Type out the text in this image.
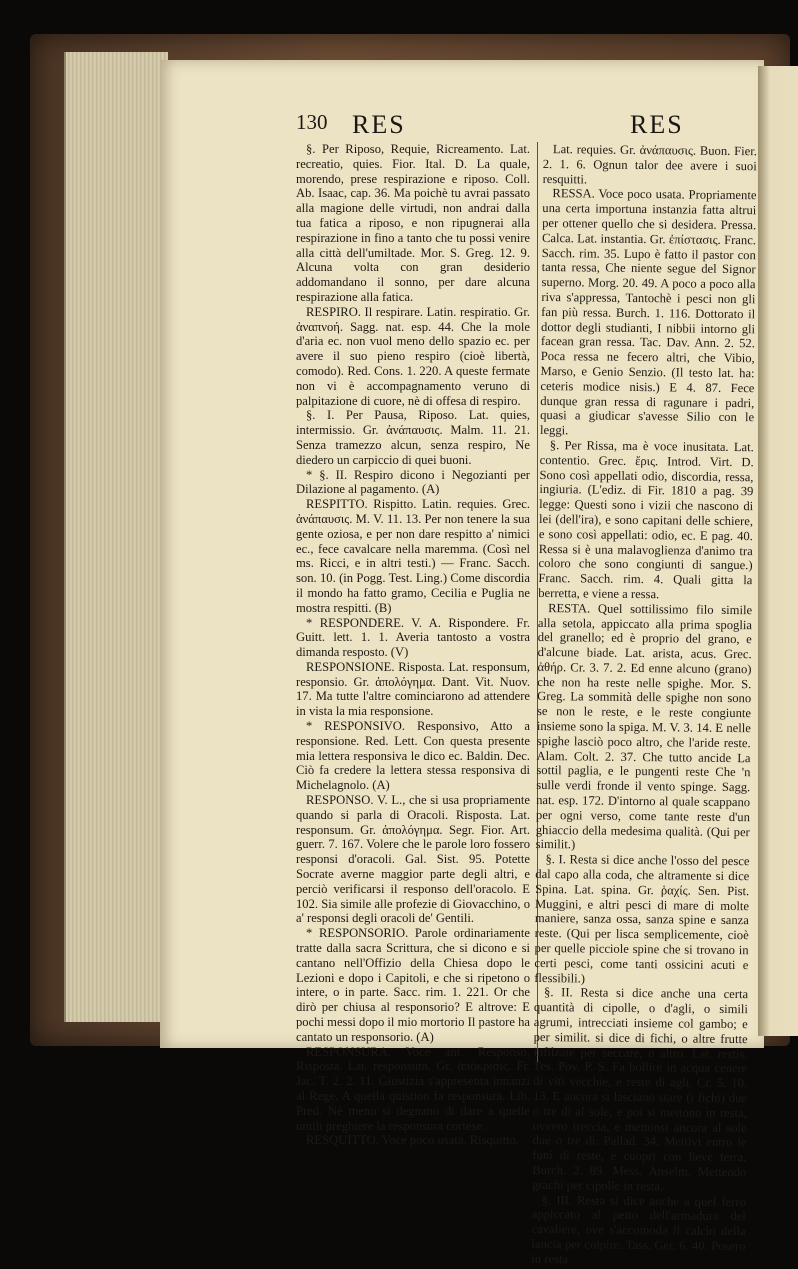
130 RES	RES

§. Per Riposo, Requie, Ricreamento. Lat. recreatio, quies. Fior. Ital. D. La quale, morendo, prese respirazione e riposo. Coll. Ab. Isaac, cap. 36. Ma poichè tu avrai passato alla magione delle virtudi, non andrai dalla tua fatica a riposo, e non ripugnerai alla respirazione in fino a tanto che tu possi venire alla città dell'umiltade. Mor. S. Greg. 12. 9. Alcuna volta con gran desiderio addomandano il sonno, per dare alcuna respirazione alla fatica.

RESPIRO. Il respirare. Latin. respiratio. Gr. ἀναπνοή. Sagg. nat. esp. 44. Che la mole d'aria ec. non vuol meno dello spazio ec. per avere il suo pieno respiro (cioè libertà, comodo). Red. Cons. 1. 220. A queste fermate non vi è accompagnamento veruno di palpitazione di cuore, nè di offesa di respiro.

§. I. Per Pausa, Riposo. Lat. quies, intermissio. Gr. ἀνάπαυσις. Malm. 11. 21. Senza tramezzo alcun, senza respiro, Ne diedero un carpiccio di quei buoni.

* §. II. Respiro dicono i Negozianti per Dilazione al pagamento. (A)

RESPITTO. Rispitto. Latin. requies. Grec. ἀνάπαυσις. M. V. 11. 13. Per non tenere la sua gente oziosa, e per non dare respitto a' nimici ec., fece cavalcare nella maremma. (Così nel ms. Ricci, e in altri testi.) — Franc. Sacch. son. 10. (in Pogg. Test. Ling.) Come discordia il mondo ha fatto gramo, Cecilia e Puglia ne mostra respitti. (B)

* RESPONDERE. V. A. Rispondere. Fr. Guitt. lett. 1. 1. Averia tantosto a vostra dimanda resposto. (V)

RESPONSIONE. Risposta. Lat. responsum, responsio. Gr. ἀπολόγημα. Dant. Vit. Nuov. 17. Ma tutte l'altre cominciarono ad attendere in vista la mia responsione.

* RESPONSIVO. Responsivo, Atto a responsione. Red. Lett. Con questa presente mia lettera responsiva le dico ec. Baldin. Dec. Ciò fa credere la lettera stessa responsiva di Michelagnolo. (A)

RESPONSO. V. L., che si usa propriamente quando si parla di Oracoli. Risposta. Lat. responsum. Gr. ἀπολόγημα. Segr. Fior. Art. guerr. 7. 167. Volere che le parole loro fossero responsi d'oracoli. Gal. Sist. 95. Potette Socrate averne maggior parte degli altri, e perciò verificarsi il responso dell'oracolo. E 102. Sia simile alle profezie di Giovacchino, o a' responsi degli oracoli de' Gentili.

* RESPONSORIO. Parole ordinariamente tratte dalla sacra Scrittura, che si dicono e si cantano nell'Offizio della Chiesa dopo le Lezioni e dopo i Capitoli, e che si ripetono o intere, o in parte. Sacc. rim. 1. 221. Or che dirò per chiusa al responsorio? E altrove: E pochi messi dopo il mio mortorio Il pastore ha cantato un responsorio. (A)

RESPONSURA. Voce ant. Responso, Risposta. Lat. responsum. Gr. ἀπόκρισις. Fr. Jac. T. 2. 2. 11. Giustizia s'appresenta innanzi al Rege, A quella quistion fa responsura. Lib. Pred. Nè meno si degnano di dare a quelle umili preghiere la responsura cortese.

RESQUITTO. Voce poco usata. Risquitto.

Lat. requies. Gr. ἀνάπαυσις. Buon. Fier. 2. 1. 6. Ognun talor dee avere i suoi resquitti.

RESSA. Voce poco usata. Propriamente una certa importuna instanzia fatta altrui per ottener quello che si desidera. Pressa. Calca. Lat. instantia. Gr. ἐπίστασις. Franc. Sacch. rim. 35. Lupo è fatto il pastor con tanta ressa, Che niente segue del Signor superno. Morg. 20. 49. A poco a poco alla riva s'appressa, Tantochè i pesci non gli fan più ressa. Burch. 1. 116. Dottorato il dottor degli studianti, I nibbii intorno gli facean gran ressa. Tac. Dav. Ann. 2. 52. Poca ressa ne fecero altri, che Vibio, Marso, e Genio Senzio. (Il testo lat. ha: ceteris modice nisis.) E 4. 87. Fece dunque gran ressa di ragunare i padri, quasi a giudicar s'avesse Silio con le leggi.

§. Per Rissa, ma è voce inusitata. Lat. contentio. Grec. ἔρις. Introd. Virt. D. Sono così appellati odio, discordia, ressa, ingiuria. (L'ediz. di Fir. 1810 a pag. 39 legge: Questi sono i vizii che nascono di lei (dell'ira), e sono capitani delle schiere, e sono così appellati: odio, ec. E pag. 40. Ressa si è una malavoglienza d'animo tra coloro che sono congiunti di sangue.) Franc. Sacch. rim. 4. Quali gitta la berretta, e viene a ressa.

RESTA. Quel sottilissimo filo simile alla setola, appiccato alla prima spoglia del granello; ed è proprio del grano, e d'alcune biade. Lat. arista, acus. Grec. ἀθήρ. Cr. 3. 7. 2. Ed enne alcuno (grano) che non ha reste nelle spighe. Mor. S. Greg. La sommità delle spighe non sono se non le reste, e le reste congiunte insieme sono la spiga. M. V. 3. 14. E nelle spighe lasciò poco altro, che l'aride reste. Alam. Colt. 2. 37. Che tutto ancide La sottil paglia, e le pungenti reste Che 'n sulle verdi fronde il vento spinge. Sagg. nat. esp. 172. D'intorno al quale scappano per ogni verso, come tante reste d'un ghiaccio della medesima qualità. (Qui per similit.)

§. I. Resta si dice anche l'osso del pesce dal capo alla coda, che altramente si dice Spina. Lat. spina. Gr. ῥαχίς. Sen. Pist. Muggini, e altri pesci di mare di molte maniere, sanza ossa, sanza spine e sanza reste. (Qui per lisca semplicemente, cioè per quelle picciole spine che si trovano in certi pesci, come tanti ossicini acuti e flessibili.)

§. II. Resta si dice anche una certa quantità di cipolle, o d'agli, o simili agrumi, intrecciati insieme col gambo; e per similit. si dice di fichi, o altre frutte infilzate per seccare, o altro. Lat. restis. Tes. Pov. P. S. Fa bollire in acqua cenere di viti vecchie, e reste di agli. Cr. 5. 10. 13. E ancora si lasciano stare (i fichi) due o tre dì al sole, e poi si mettono in resta, ovvero treccia, e mettonsi ancora al sole due o tre dì. Pallad. 34. Mettivi entro le funi di reste, e cuopri con lieve terra. Burch. 2. 89. Mess. Anselm. Mettendo grachi per cipolle in resta.

§. III. Resta si dice anche a quel ferro appiccato al petto dell'armadura del cavaliere, ove s'accomoda il calcio della lancia per colpire. Tass. Ger. 6. 40. Posero in resta
